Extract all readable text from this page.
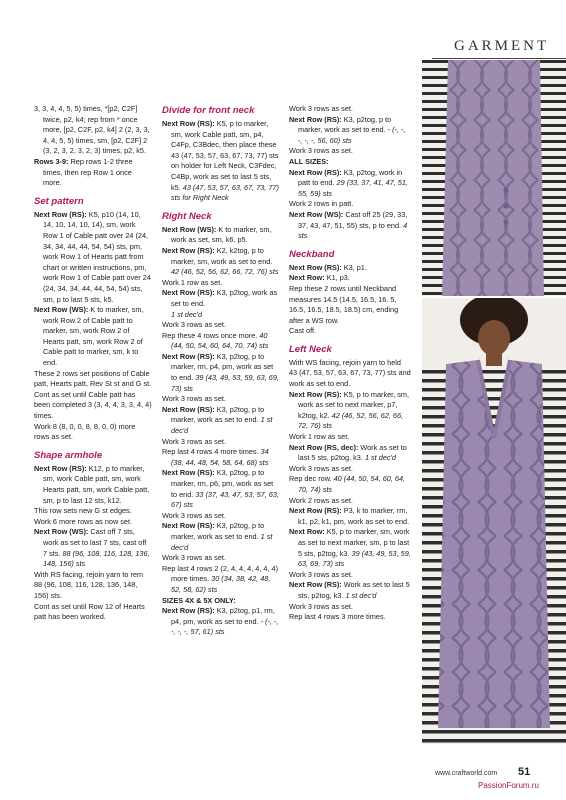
GARMENT

3, 3, 4, 4, 5, 5) times, *[p2, C2F] twice, p2, k4; rep from * once more, [p2, C2F, p2, k4] 2 (2, 3, 3, 4, 4, 5, 5) times, sm, [p2, C2F] 2 (3, 2, 3, 2, 3, 2, 3) times, p2, k5.

Rows 3-9: Rep rows 1-2 three times, then rep Row 1 once more.

Set pattern

Next Row (RS): K5, p10 (14, 10, 14, 10, 14, 10, 14), sm, work Row 1 of Cable patt over 24 (24, 34, 34, 44, 44, 54, 54) sts, pm, work Row 1 of Hearts patt from chart or written instructions, pm, work Row 1 of Cable patt over 24 (24, 34, 34, 44, 44, 54, 54) sts, sm, p to last 5 sts, k5.

Next Row (WS): K to marker, sm, work Row 2 of Cable patt to marker, sm, work Row 2 of Hearts patt, sm, work Row 2 of Cable patt to marker, sm, k to end.

These 2 rows set positions of Cable patt, Hearts patt, Rev St st and G st.

Cont as set until Cable patt has been completed 3 (3, 4, 4, 3, 3, 4, 4) times.

Work 8 (8, 0, 0, 8, 8, 0, 0) more rows as set.

Shape armhole

Next Row (RS): K12, p to marker, sm, work Cable patt, sm, work Hearts patt, sm, work Cable patt, sm, p to last 12 sts, k12.

This row sets new G st edges.

Work 6 more rows as now set.

Next Row (WS): Cast off 7 sts, work as set to last 7 sts, cast off 7 sts. 88 (96, 108, 116, 128, 136, 148, 156) sts

With RS facing, rejoin yarn to rem 88 (96, 108, 116, 128, 136, 148, 156) sts.

Cont as set until Row 12 of Hearts patt has been worked.

Divide for front neck

Next Row (RS): K5, p to marker, sm, work Cable patt, sm, p4, C4Fp, C3Bdec, then place these 43 (47, 53, 57, 63, 67, 73, 77) sts on holder for Left Neck, C3Fdec, C4Bp, work as set to last 5 sts, k5. 43 (47, 53, 57, 63, 67, 73, 77) sts for Right Neck

Right Neck

Next Row (WS): K to marker, sm, work as set, sm, k6, p5.

Next Row (RS): K2, k2tog, p to marker, sm, work as set to end. 42 (46, 52, 56, 62, 66, 72, 76) sts

Work 1 row as set.

Next Row (RS): K3, p2tog, work as set to end.
1 st dec'd

Work 3 rows as set.

Rep these 4 rows once more. 40 (44, 50, 54, 60, 64, 70, 74) sts

Next Row (RS): K3, p2tog, p to marker, rm, p4, pm, work as set to end. 39 (43, 49, 53, 59, 63, 69, 73) sts

Work 3 rows as set.

Next Row (RS): K3, p2tog, p to marker, work as set to end. 1 st dec'd

Work 3 rows as set.

Rep last 4 rows 4 more times. 34 (38, 44, 48, 54, 58, 64, 68) sts

Next Row (RS): K3, p2tog, p to marker, rm, p6, pm, work as set to end. 33 (37, 43, 47, 53, 57, 63, 67) sts

Work 3 rows as set.

Next Row (RS): K3, p2tog, p to marker, work as set to end. 1 st dec'd

Work 3 rows as set.

Rep last 4 rows 2 (2, 4, 4, 4, 4, 4, 4) more times. 30 (34, 38, 42, 48, 52, 58, 62) sts

SIZES 4X & 5X ONLY:

Next Row (RS): K3, p2tog, p1, rm, p4, pm, work as set to end. - (-, -, -, -, -, 57, 61) sts

Work 3 rows as set.

Next Row (RS): K3, p2tog, p to marker, work as set to end. - (-, -, -, -, -, 56, 60) sts

Work 3 rows as set.

ALL SIZES:

Next Row (RS): K3, p2tog, work in patt to end. 29 (33, 37, 41, 47, 51, 55, 59) sts

Work 2 rows in patt.

Next Row (WS): Cast off 25 (29, 33, 37, 43, 47, 51, 55) sts, p to end. 4 sts

Neckband

Next Row (RS): K3, p1.

Next Row: K1, p3.

Rep these 2 rows until Neckband measures 14.5 (14.5, 16.5, 16. 5, 16.5, 16.5, 18.5, 18.5) cm, ending after a WS row.

Cast off.

Left Neck

With WS facing, rejoin yarn to held 43 (47, 53, 57, 63, 67, 73, 77) sts and work as set to end.

Next Row (RS): K5, p to marker, sm, work as set to next marker, p7, k2tog, k2. 42 (46, 52, 56, 62, 66, 72, 76) sts

Work 1 row as set.

Next Row (RS, dec): Work as set to last 5 sts, p2tog, k3. 1 st dec'd

Work 3 rows as set.

Rep dec row. 40 (44, 50, 54, 60, 64, 70, 74) sts

Work 2 rows as set.

Next Row (RS): P3, k to marker, rm, k1, p2, k1, pm, work as set to end.

Next Row: K5, p to marker, sm, work as set to next marker, sm, p to last 5 sts, p2tog, k3. 39 (43, 49, 53, 59, 63, 69, 73) sts

Work 3 rows as set.

Next Row (RS): Work as set to last 5 sts, p2tog, k3. 1 st dec'd

Work 3 rows as set.

Rep last 4 rows 3 more times.

www.craftworld.com 51
PassionForum.ru
